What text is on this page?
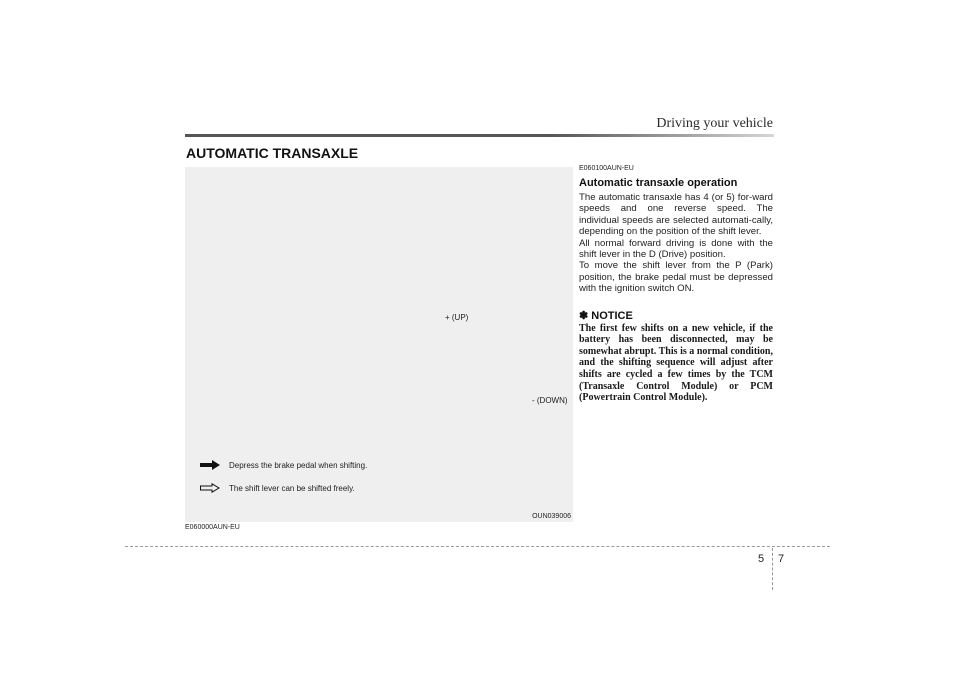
Driving your vehicle
AUTOMATIC TRANSAXLE
+ (UP)
- (DOWN)
Depress the brake pedal when shifting.
The shift lever can be shifted freely.
OUN039006
E060000AUN-EU
E060100AUN-EU
Automatic transaxle operation

The automatic transaxle has 4 (or 5) for-ward speeds and one reverse speed. The individual speeds are selected automati-cally, depending on the position of the shift lever.

All normal forward driving is done with the shift lever in the D (Drive) position.

To move the shift lever from the P (Park) position, the brake pedal must be depressed with the ignition switch ON.

✽ NOTICE

The first few shifts on a new vehicle, if the battery has been disconnected, may be somewhat abrupt. This is a normal condition, and the shifting sequence will adjust after shifts are cycled a few times by the TCM (Transaxle Control Module) or PCM (Powertrain Control Module).

5 7
